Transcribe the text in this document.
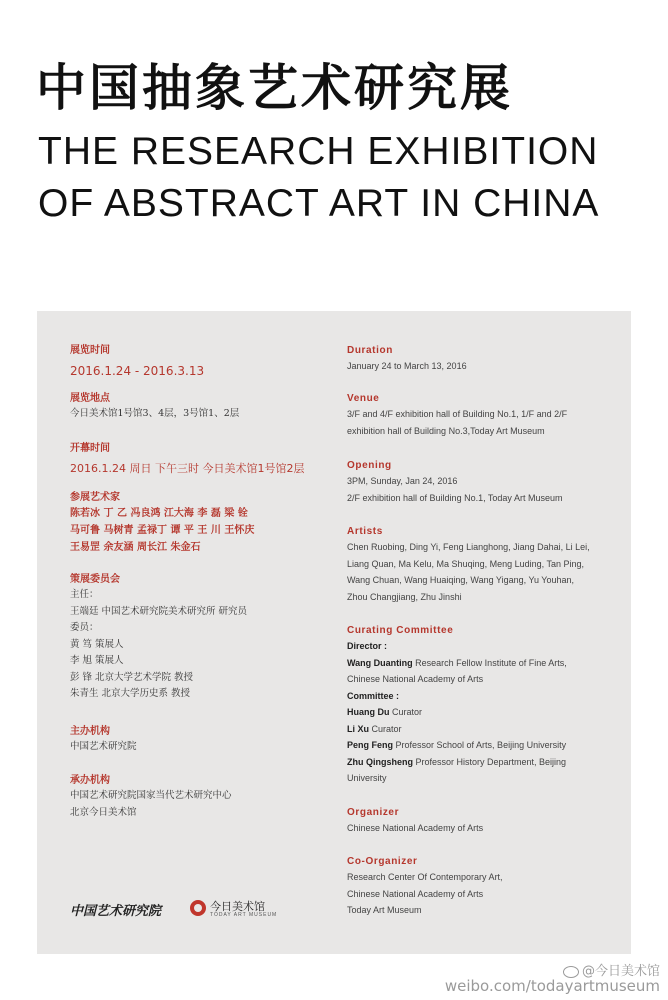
中国抽象艺术研究展
THE RESEARCH EXHIBITION
OF ABSTRACT ART IN CHINA
展览时间
2016.1.24 - 2016.3.13
展览地点
今日美术馆1号馆3、4层，3号馆1、2层
开幕时间
2016.1.24 周日 下午三时 今日美术馆1号馆2层
参展艺术家
陈若冰 丁 乙 冯良鸿 江大海 李 磊 梁 铨
马可鲁 马树青 孟禄丁 谭 平 王 川 王怀庆
王易罡 余友涵 周长江 朱金石
策展委员会
主任：
王端廷 中国艺术研究院美术研究所 研究员
委员：
黄 笃 策展人
李 旭 策展人
彭 锋 北京大学艺术学院 教授
朱青生 北京大学历史系 教授
主办机构
中国艺术研究院
承办机构
中国艺术研究院国家当代艺术研究中心
北京今日美术馆
Duration
January 24 to March 13, 2016
Venue
3/F and 4/F exhibition hall of Building No.1, 1/F and 2/F
exhibition hall of Building No.3,Today Art Museum
Opening
3PM, Sunday, Jan 24, 2016
2/F exhibition hall of Building No.1, Today Art Museum
Artists
Chen Ruobing, Ding Yi, Feng Lianghong, Jiang Dahai, Li Lei,
Liang Quan, Ma Kelu, Ma Shuqing, Meng Luding, Tan Ping,
Wang Chuan, Wang Huaiqing, Wang Yigang, Yu Youhan,
Zhou Changjiang, Zhu Jinshi
Curating Committee
Director :
Wang Duanting Research Fellow Institute of Fine Arts,
Chinese National Academy of Arts
Committee :
Huang Du Curator
Li Xu Curator
Peng Feng Professor School of Arts, Beijing University
Zhu Qingsheng Professor History Department, Beijing
University
Organizer
Chinese National Academy of Arts
Co-Organizer
Research Center Of Contemporary Art,
Chinese National Academy of Arts
Today Art Museum
中国艺术研究院	今日美术馆
TODAY ART MUSEUM
@今日美术馆
weibo.com/todayartmuseum
